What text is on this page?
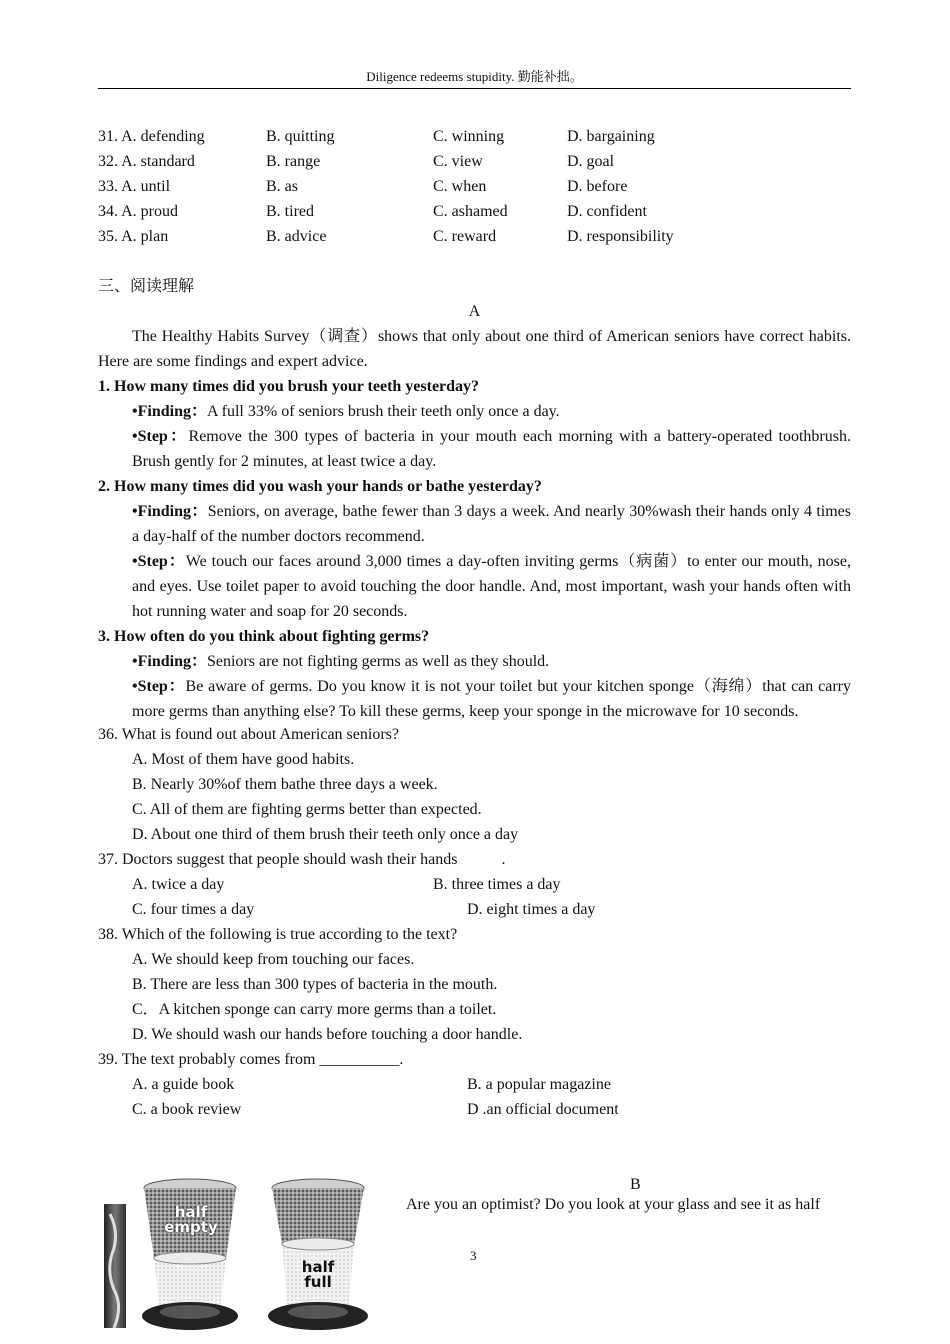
Diligence redeems stupidity. 勤能补拙。
31. A. defending	B. quitting	C. winning	D. bargaining
32. A. standard	B. range	C. view	D. goal
33. A. until	B. as	C. when	D. before
34. A. proud	B. tired	C. ashamed	D. confident
35. A. plan	B. advice	C. reward	D. responsibility
三、阅读理解
A
The Healthy Habits Survey（调查）shows that only about one third of American seniors have correct habits. Here are some findings and expert advice.
1. How many times did you brush your teeth yesterday?
•Finding：A full 33% of seniors brush their teeth only once a day.
•Step：Remove the 300 types of bacteria in your mouth each morning with a battery-operated toothbrush. Brush gently for 2 minutes, at least twice a day.
2. How many times did you wash your hands or bathe yesterday?
•Finding：Seniors, on average, bathe fewer than 3 days a week. And nearly 30%wash their hands only 4 times a day-half of the number doctors recommend.
•Step：We touch our faces around 3,000 times a day-often inviting germs（病菌）to enter our mouth, nose, and eyes. Use toilet paper to avoid touching the door handle. And, most important, wash your hands often with hot running water and soap for 20 seconds.
3. How often do you think about fighting germs?
•Finding：Seniors are not fighting germs as well as they should.
•Step：Be aware of germs. Do you know it is not your toilet but your kitchen sponge（海绵）that can carry more germs than anything else? To kill these germs, keep your sponge in the microwave for 10 seconds.
36. What is found out about American seniors?
A. Most of them have good habits.
B. Nearly 30%of them bathe three days a week.
C. All of them are fighting germs better than expected.
D. About one third of them brush their teeth only once a day
37. Doctors suggest that people should wash their hands           .
A. twice a day	B. three times a day
C. four times a day	D. eight times a day
38. Which of the following is true according to the text?
A. We should keep from touching our faces.
B. There are less than 300 types of bacteria in the mouth.
C．A kitchen sponge can carry more germs than a toilet.
D. We should wash our hands before touching a door handle.
39. The text probably comes from __________.
A. a guide book	B. a popular magazine
C. a book review	D .an official document
B
half empty
half full
Are you an optimist? Do you look at your glass and see it as half
3
